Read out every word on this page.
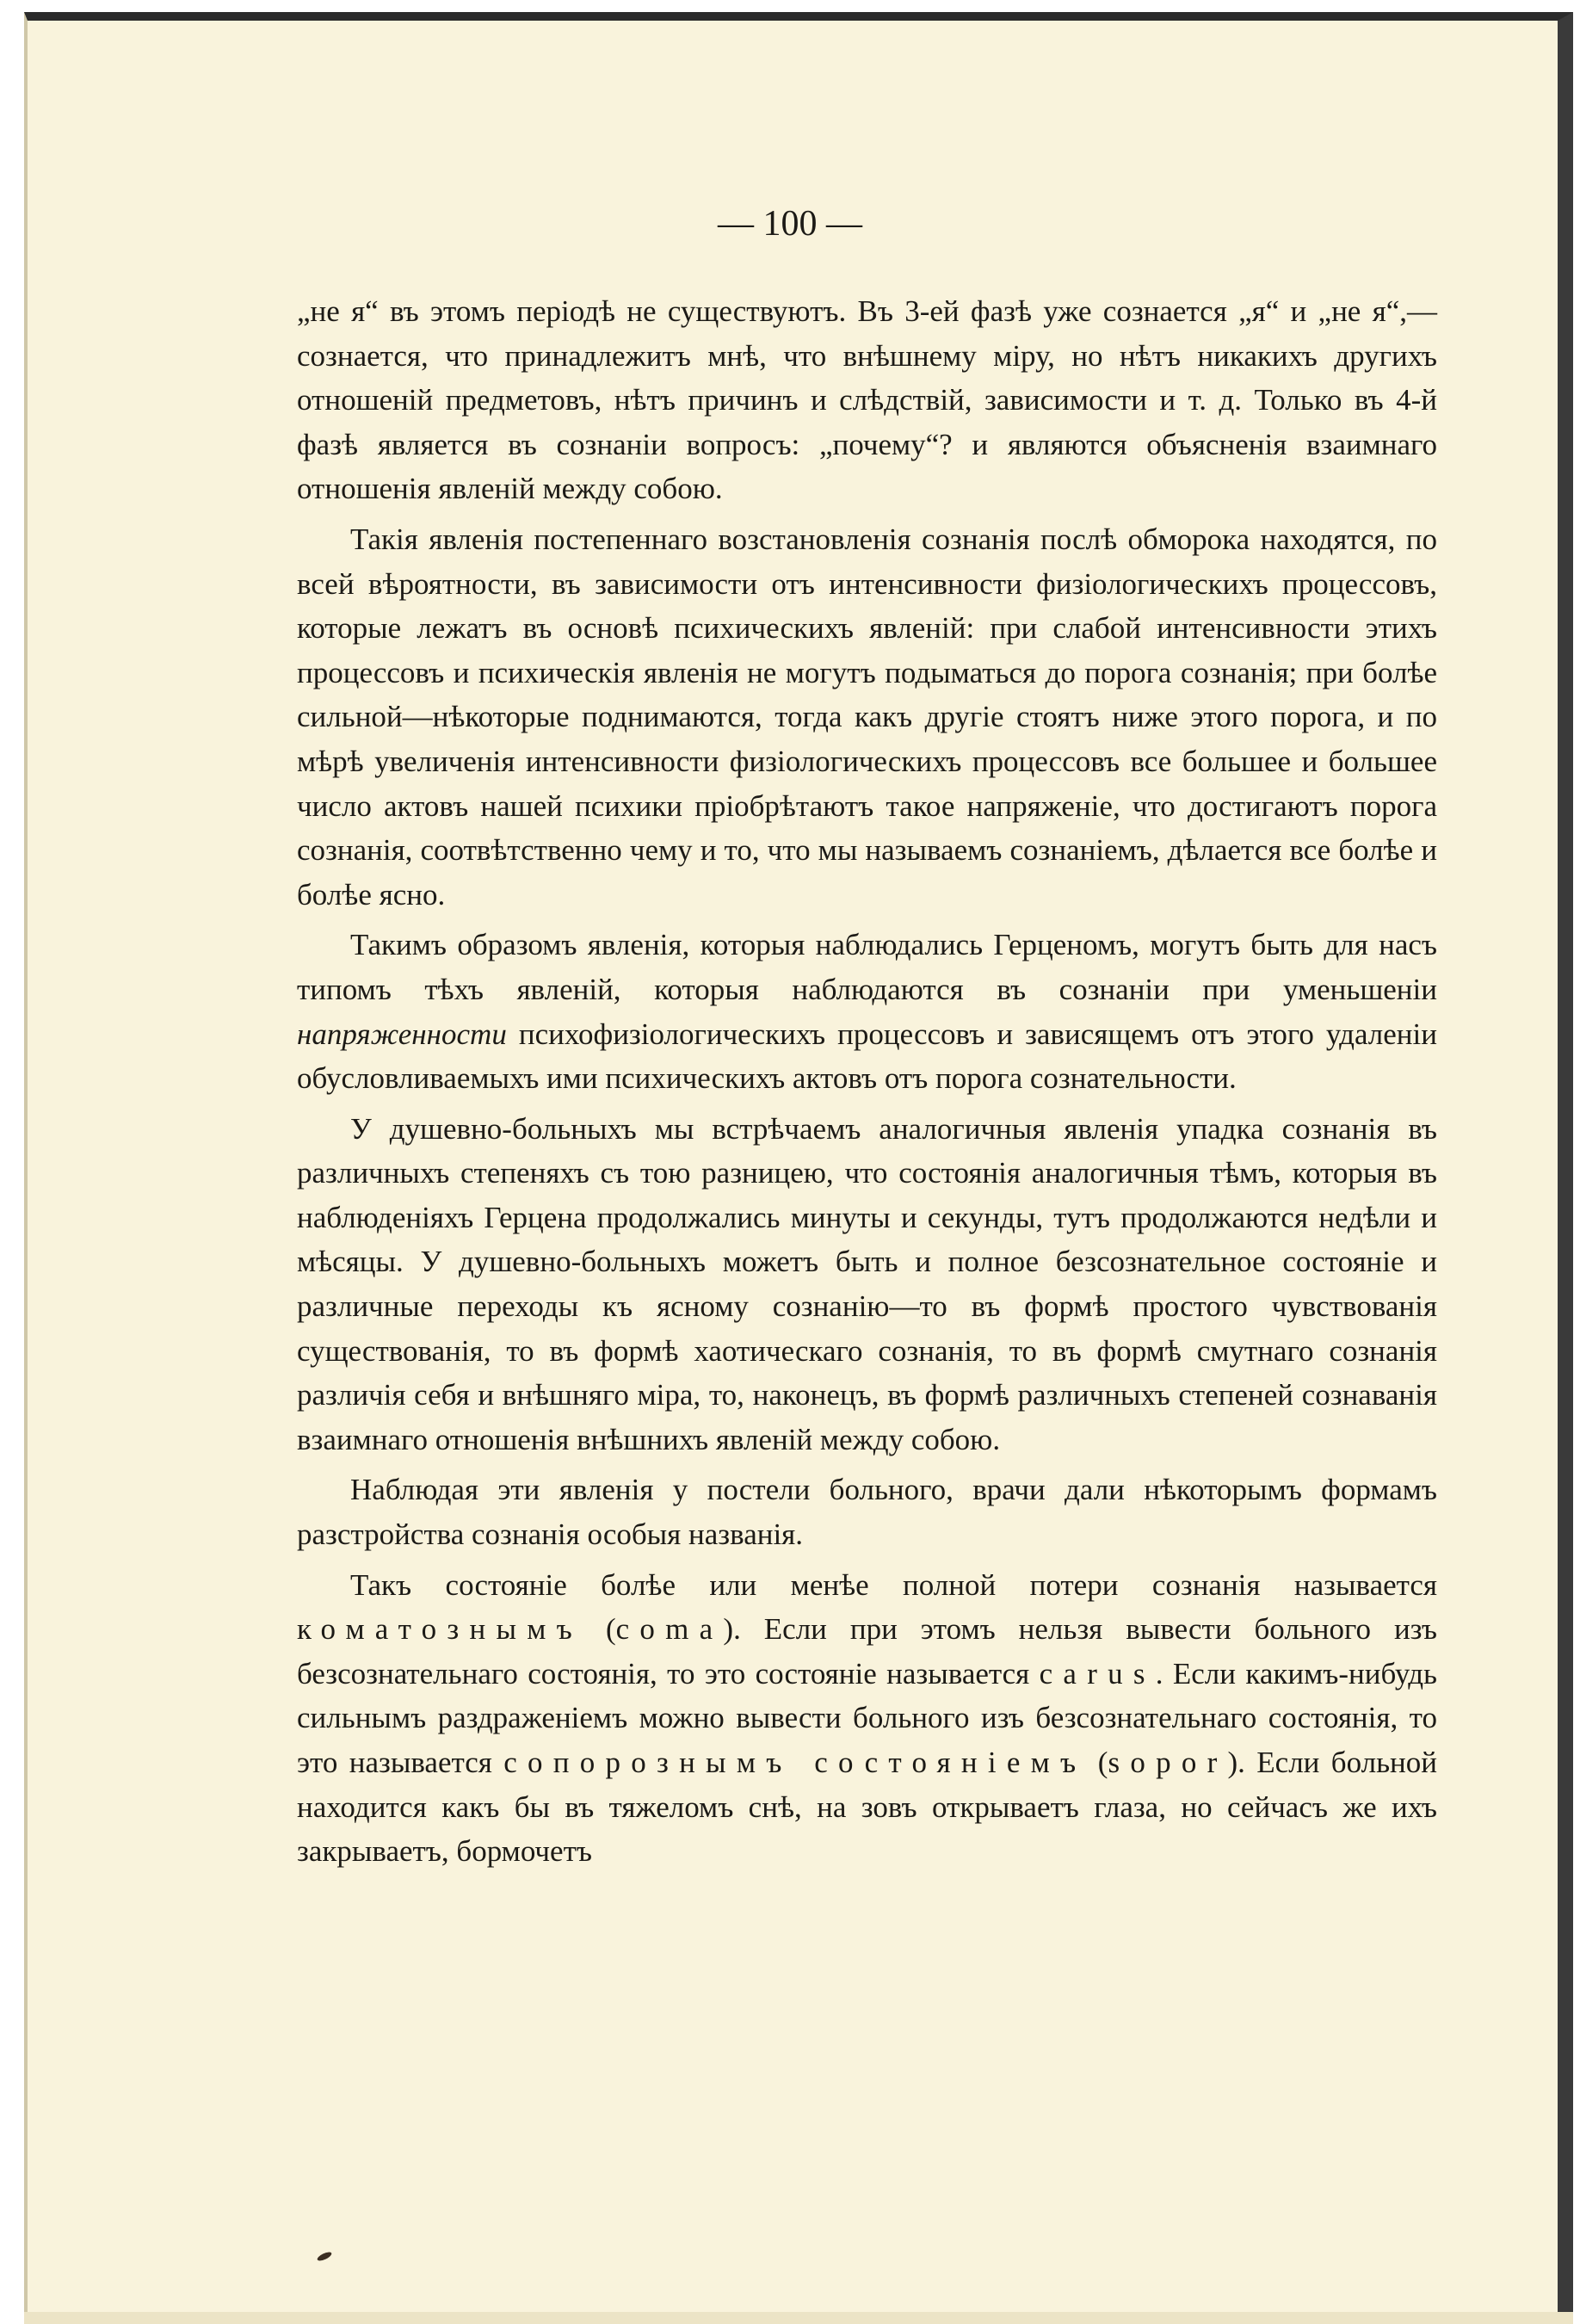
— 100 —

„не я“ въ этомъ періодѣ не существуютъ. Въ 3-ей фазѣ уже сознается „я“ и „не я“,—сознается, что принадлежитъ мнѣ, что внѣшнему міру, но нѣтъ никакихъ другихъ отношеній предметовъ, нѣтъ причинъ и слѣдствій, зависимости и т. д. Только въ 4-й фазѣ является въ сознаніи вопросъ: „почему“? и являются объясненія взаимнаго отношенія явленій между собою.

Такія явленія постепеннаго возстановленія сознанія послѣ обморока находятся, по всей вѣроятности, въ зависимости отъ интенсивности физіологическихъ процессовъ, которые лежатъ въ основѣ психическихъ явленій: при слабой интенсивности этихъ процессовъ и психическія явленія не могутъ подыматься до порога сознанія; при болѣе сильной—нѣкоторые поднимаются, тогда какъ другіе стоятъ ниже этого порога, и по мѣрѣ увеличенія интенсивности физіологическихъ процессовъ все большее и большее число актовъ нашей психики пріобрѣтаютъ такое напряженіе, что достигаютъ порога сознанія, соотвѣтственно чему и то, что мы называемъ сознаніемъ, дѣлается все болѣе и болѣе ясно.

Такимъ образомъ явленія, которыя наблюдались Герценомъ, могутъ быть для насъ типомъ тѣхъ явленій, которыя наблюдаются въ сознаніи при уменьшеніи напряженности психофизіологическихъ процессовъ и зависящемъ отъ этого удаленіи обусловливаемыхъ ими психическихъ актовъ отъ порога сознательности.

У душевно-больныхъ мы встрѣчаемъ аналогичныя явленія упадка сознанія въ различныхъ степеняхъ съ тою разницею, что состоянія аналогичныя тѣмъ, которыя въ наблюденіяхъ Герцена продолжались минуты и секунды, тутъ продолжаются недѣли и мѣсяцы. У душевно-больныхъ можетъ быть и полное безсознательное состояніе и различные переходы къ ясному сознанію—то въ формѣ простого чувствованія существованія, то въ формѣ хаотическаго сознанія, то въ формѣ смутнаго сознанія различія себя и внѣшняго міра, то, наконецъ, въ формѣ различныхъ степеней сознаванія взаимнаго отношенія внѣшнихъ явленій между собою.

Наблюдая эти явленія у постели больного, врачи дали нѣкоторымъ формамъ разстройства сознанія особыя названія.

Такъ состояніе болѣе или менѣе полной потери сознанія называется коматознымъ (coma). Если при этомъ нельзя вывести больного изъ безсознательнаго состоянія, то это состояніе называется carus. Если какимъ-нибудь сильнымъ раздраженіемъ можно вывести больного изъ безсознательнаго состоянія, то это называется сопорознымъ состояніемъ (sopor). Если больной находится какъ бы въ тяжеломъ снѣ, на зовъ открываетъ глаза, но сейчасъ же ихъ закрываетъ, бормочетъ
